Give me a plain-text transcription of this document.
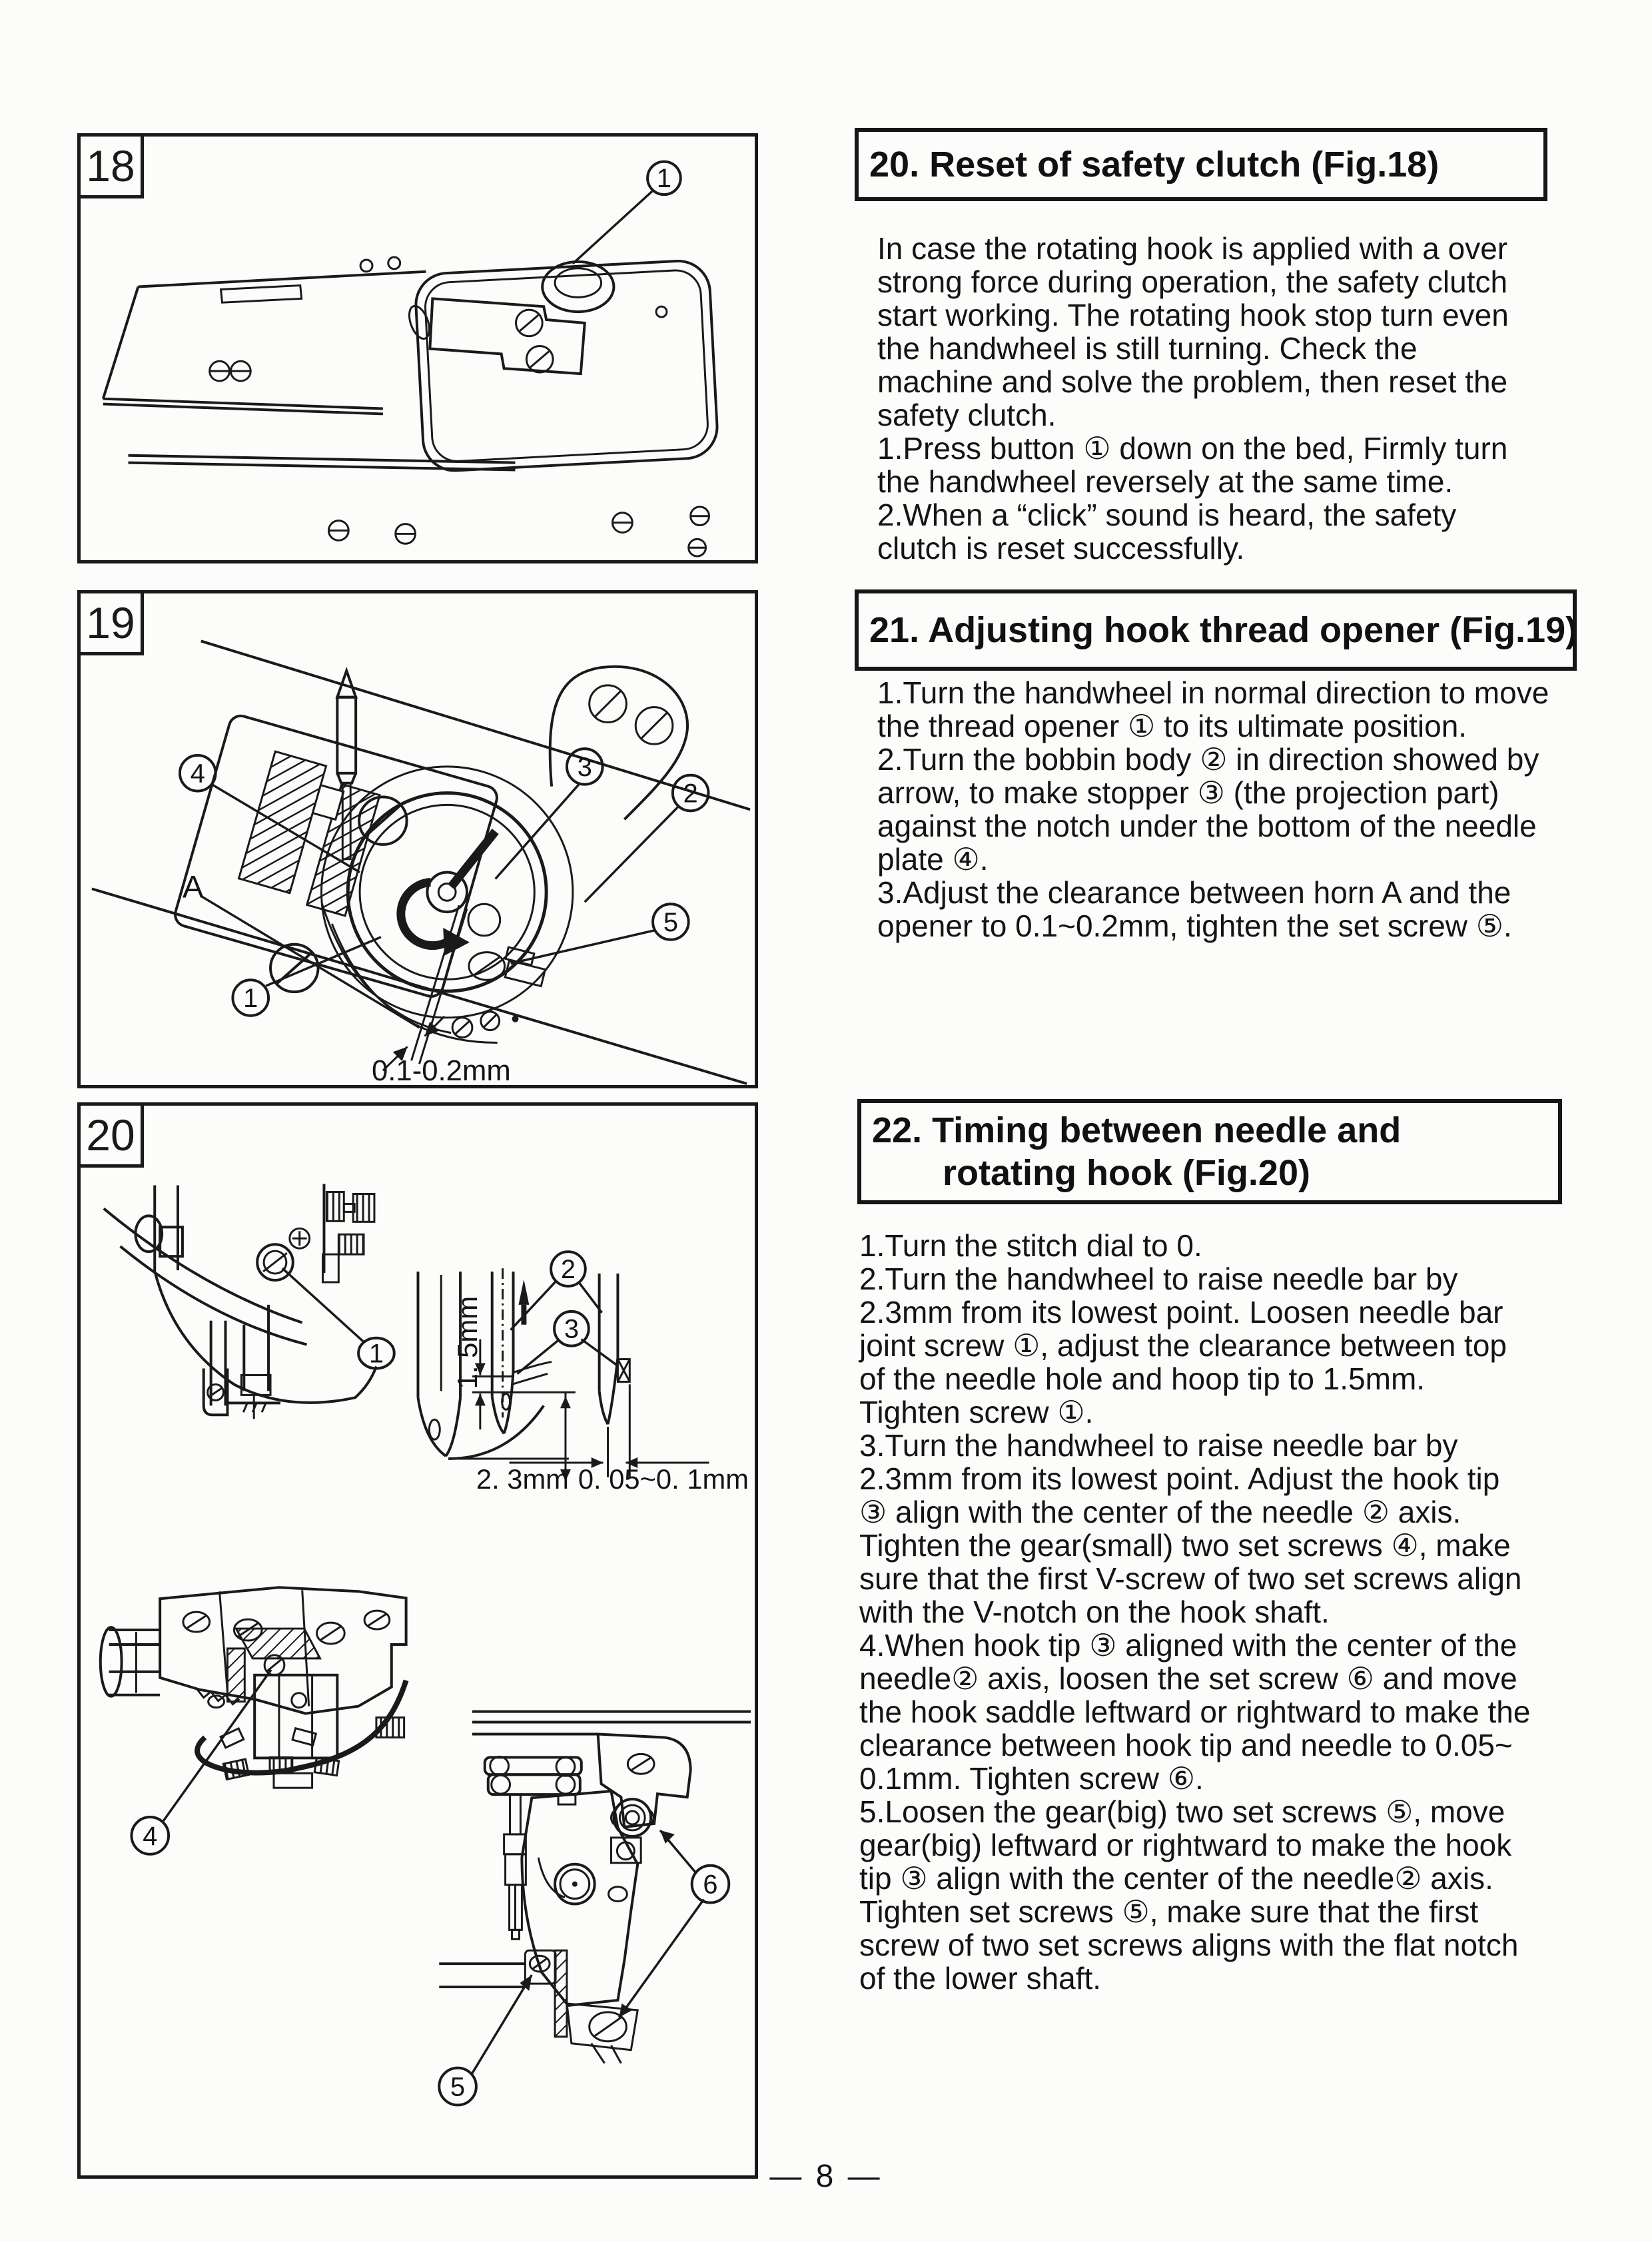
18	1
19
0.1-0.2mm
4	3
2
5
1
A
20
1 1. 5mm
2
3
2. 3mm 0. 05~0. 1mm
4
6
5
20. Reset of safety clutch (Fig.18)
In case the rotating hook is applied with a over
strong force during operation, the safety clutch
start working. The rotating hook stop turn even
the handwheel is still turning. Check the
machine and solve the problem, then reset the
safety clutch.
1.Press button ① down on the bed, Firmly turn
the handwheel reversely at the same time.
2.When a “click” sound is heard, the safety
clutch is reset successfully.
21. Adjusting hook thread opener (Fig.19)
1.Turn the handwheel in normal direction to move
the thread opener ① to its ultimate position.
2.Turn the bobbin body ② in direction showed by
arrow, to make stopper ③ (the projection part)
against the notch under the bottom of the needle
plate ④.
3.Adjust the clearance between horn A and the
opener to 0.1~0.2mm, tighten the set screw ⑤.
22. Timing between needle and
rotating hook (Fig.20)
1.Turn the stitch dial to 0.
2.Turn the handwheel to raise needle bar by
2.3mm from its lowest point. Loosen needle bar
joint screw ①, adjust the clearance between top
of the needle hole and hoop tip to 1.5mm.
Tighten screw ①.
3.Turn the handwheel to raise needle bar by
2.3mm from its lowest point. Adjust the hook tip
③ align with the center of the needle ② axis.
Tighten the gear(small) two set screws ④, make
sure that the first V-screw of two set screws align
with the V-notch on the hook shaft.
4.When hook tip ③ aligned with the center of the
needle② axis, loosen the set screw ⑥ and move
the hook saddle leftward or rightward to make the
clearance between hook tip and needle to 0.05~
0.1mm. Tighten screw ⑥.
5.Loosen the gear(big) two set screws ⑤, move
gear(big) leftward or rightward to make the hook
tip ③ align with the center of the needle② axis.
Tighten set screws ⑤, make sure that the first
screw of two set screws aligns with the flat notch
of the lower shaft.
— 8 —
